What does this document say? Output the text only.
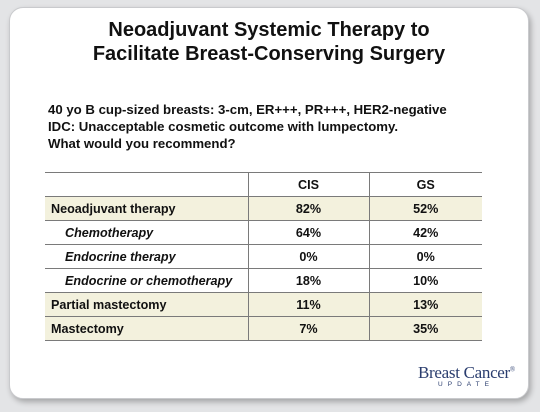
Neoadjuvant Systemic Therapy to
Facilitate Breast-Conserving Surgery
40 yo B cup-sized breasts: 3-cm, ER+++, PR+++, HER2-negative
IDC: Unacceptable cosmetic outcome with lumpectomy.
What would you recommend?
	CIS	GS
Neoadjuvant therapy	82%	52%
Chemotherapy	64%	42%
Endocrine therapy	0%	0%
Endocrine or chemotherapy	18%	10%
Partial mastectomy	11%	13%
Mastectomy	7%	35%
Breast Cancer®
UPDATE
